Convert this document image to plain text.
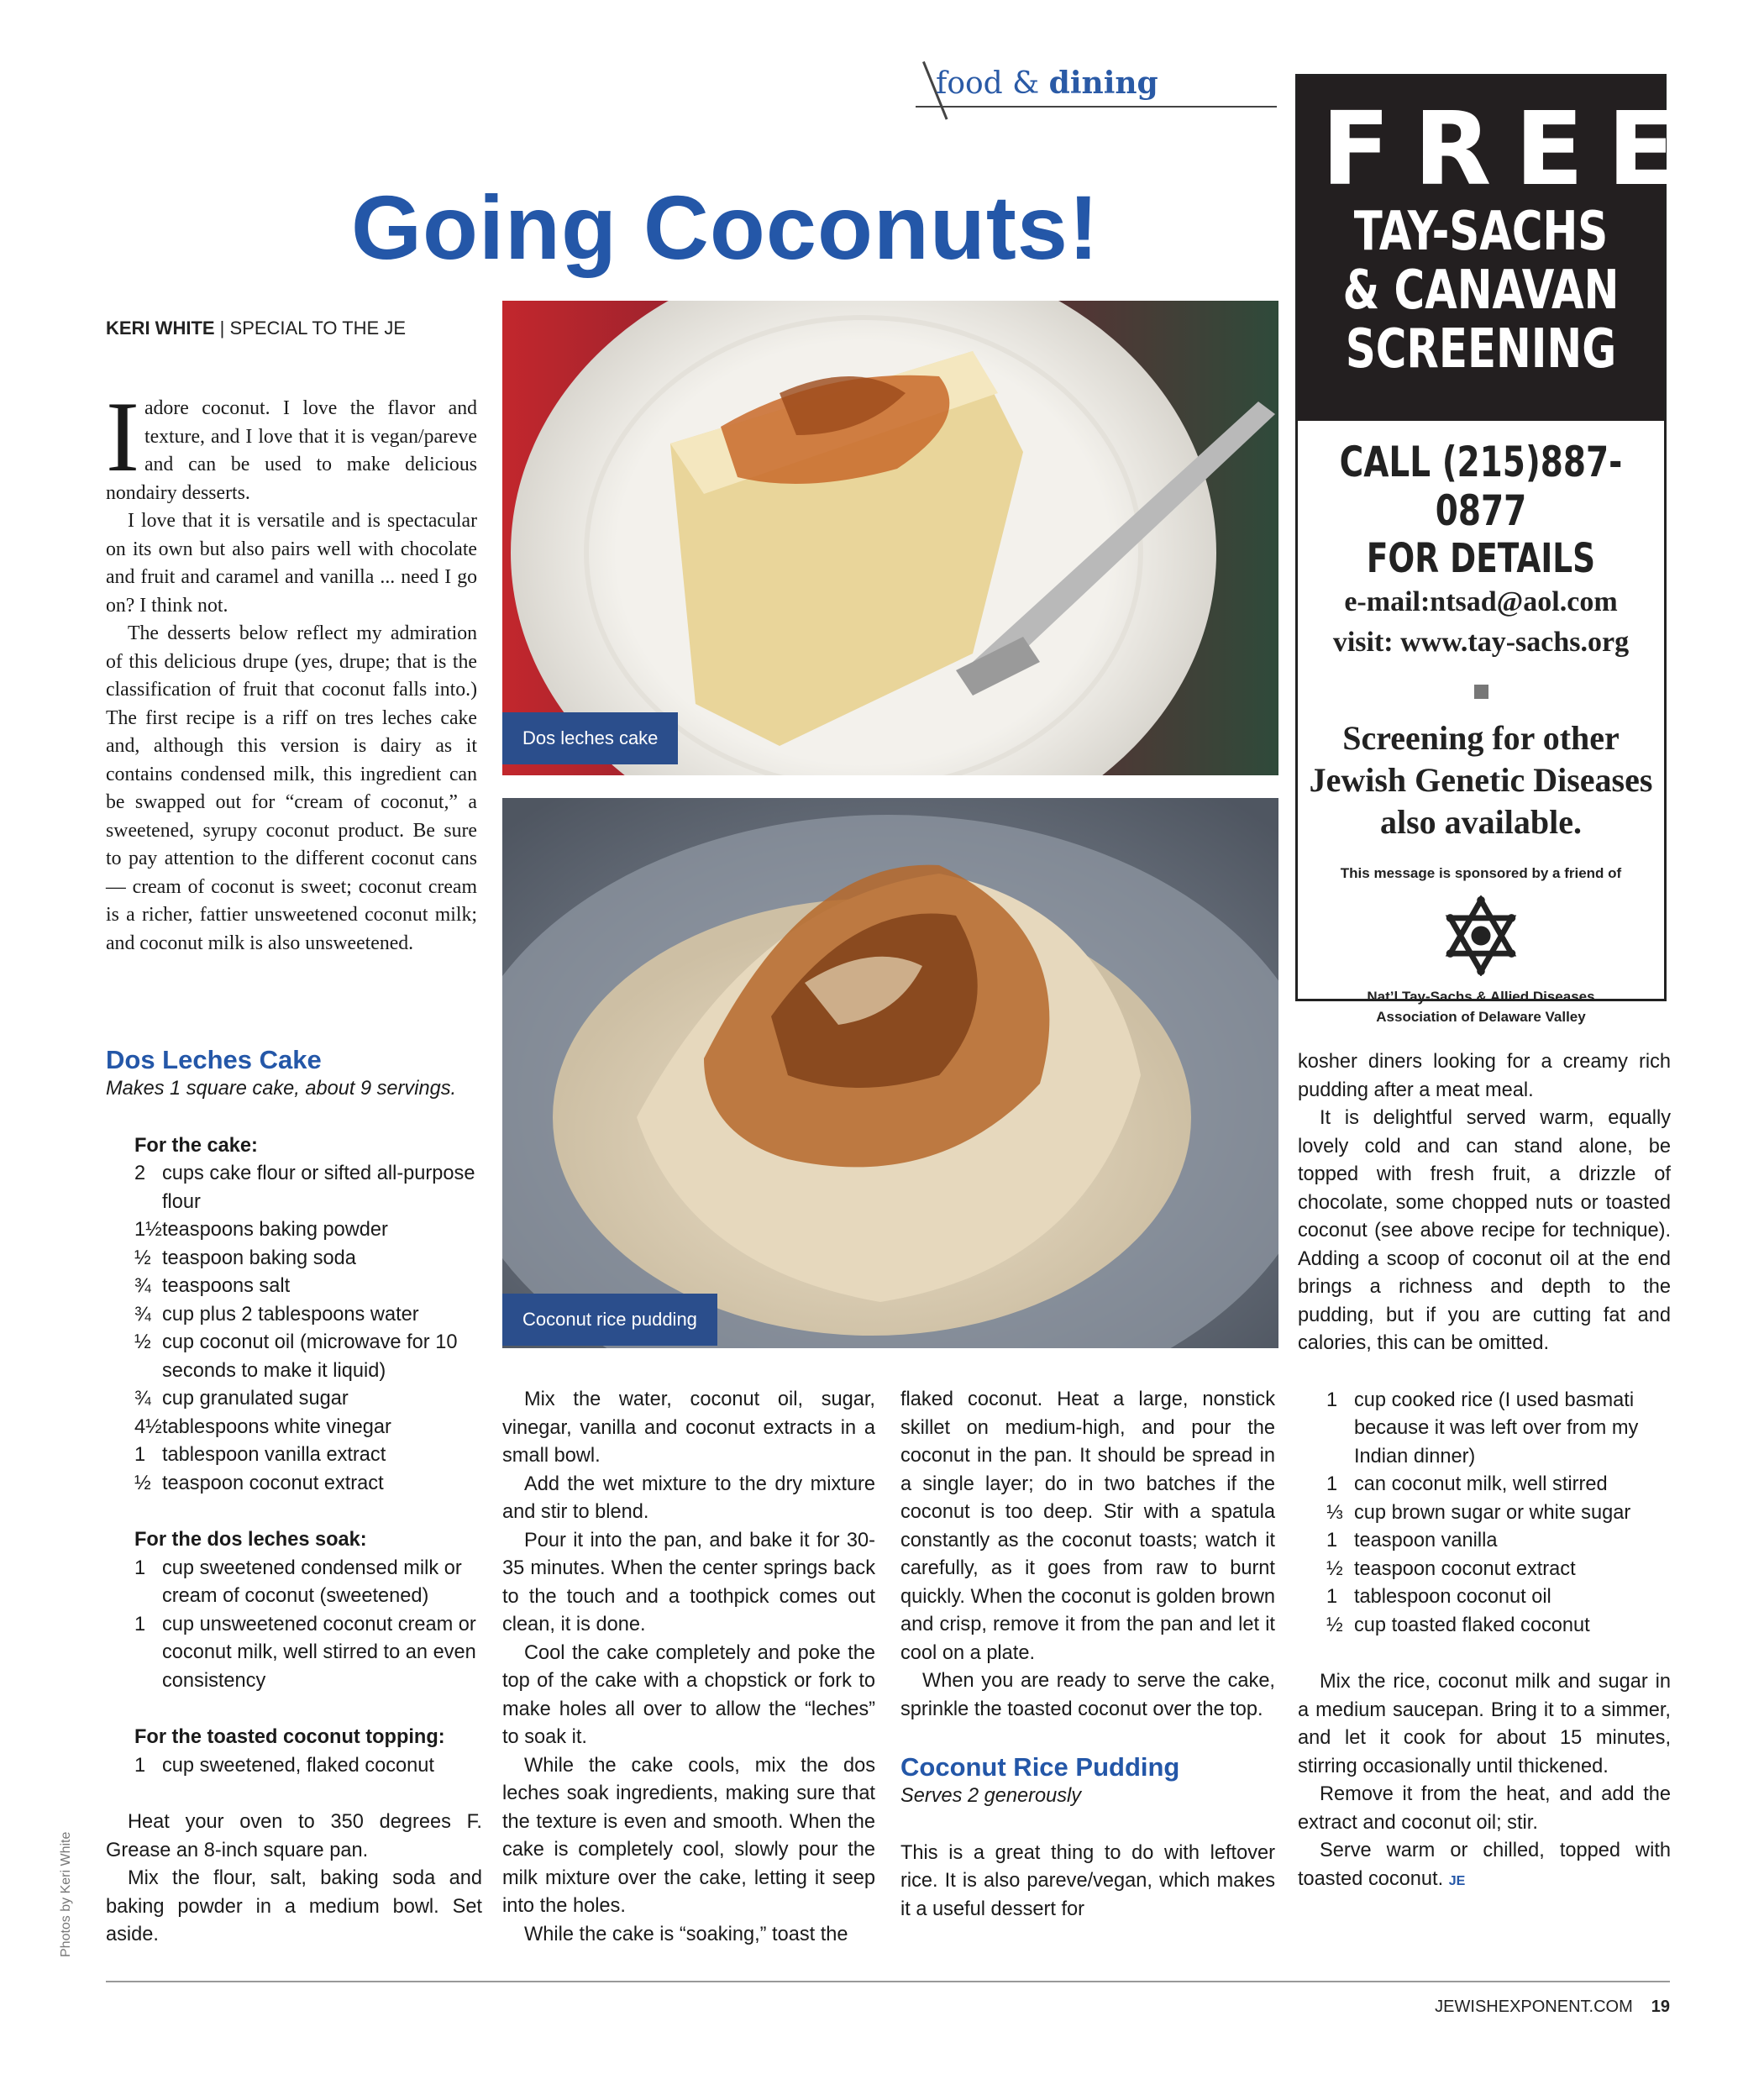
food & dining
Going Coconuts!
KERI WHITE | SPECIAL TO THE JE

Iadore coconut. I love the flavor and texture, and I love that it is vegan/pareve and can be used to make delicious nondairy desserts.

I love that it is versatile and is spectacular on its own but also pairs well with chocolate and fruit and caramel and vanilla ... need I go on? I think not.

The desserts below reflect my admiration of this delicious drupe (yes, drupe; that is the classification of fruit that coconut falls into.) The first recipe is a riff on tres leches cake and, although this version is dairy as it contains condensed milk, this ingredient can be swapped out for “cream of coconut,” a sweetened, syrupy coconut product. Be sure to pay attention to the different coconut cans — cream of coconut is sweet; coconut cream is a richer, fattier unsweetened coconut milk; and coconut milk is also unsweetened.

Dos leches cake
Coconut rice pudding
FREE
TAY-SACHS
& CANAVAN
SCREENING
CALL (215)887-0877
FOR DETAILS
e-mail:ntsad@aol.com
visit: www.tay-sachs.org
Screening for other
Jewish Genetic Diseases
also available.
This message is sponsored by a friend of
Nat’l Tay-Sachs & Allied Diseases
Association of Delaware Valley

Dos Leches Cake

Makes 1 square cake, about 9 servings.

For the cake:
2 cups cake flour or sifted all-purpose flour
1½ teaspoons baking powder
½ teaspoon baking soda
¾ teaspoons salt
¾ cup plus 2 tablespoons water
½ cup coconut oil (microwave for 10 seconds to make it liquid)
¾ cup granulated sugar
4½ tablespoons white vinegar
1 tablespoon vanilla extract
½ teaspoon coconut extract
For the dos leches soak:
1 cup sweetened condensed milk or cream of coconut (sweetened)
1 cup unsweetened coconut cream or coconut milk, well stirred to an even consistency
For the toasted coconut topping:
1 cup sweetened, flaked coconut

Heat your oven to 350 degrees F. Grease an 8-inch square pan.

Mix the flour, salt, baking soda and baking powder in a medium bowl. Set aside.

Mix the water, coconut oil, sugar, vinegar, vanilla and coconut extracts in a small bowl.

Add the wet mixture to the dry mixture and stir to blend.

Pour it into the pan, and bake it for 30-35 minutes. When the center springs back to the touch and a toothpick comes out clean, it is done.

Cool the cake completely and poke the top of the cake with a chopstick or fork to make holes all over to allow the “leches” to soak it.

While the cake cools, mix the dos leches soak ingredients, making sure that the texture is even and smooth. When the cake is completely cool, slowly pour the milk mixture over the cake, letting it seep into the holes.

While the cake is “soaking,” toast the

flaked coconut. Heat a large, nonstick skillet on medium-high, and pour the coconut in the pan. It should be spread in a single layer; do in two batches if the coconut is too deep. Stir with a spatula constantly as the coconut toasts; watch it carefully, as it goes from raw to burnt quickly. When the coconut is golden brown and crisp, remove it from the pan and let it cool on a plate.

When you are ready to serve the cake, sprinkle the toasted coconut over the top.

Coconut Rice Pudding

Serves 2 generously

This is a great thing to do with leftover rice. It is also pareve/vegan, which makes it a useful dessert for

kosher diners looking for a creamy rich pudding after a meat meal.

It is delightful served warm, equally lovely cold and can stand alone, be topped with fresh fruit, a drizzle of chocolate, some chopped nuts or toasted coconut (see above recipe for technique). Adding a scoop of coconut oil at the end brings a richness and depth to the pudding, but if you are cutting fat and calories, this can be omitted.

1 cup cooked rice (I used basmati because it was left over from my Indian dinner)
1 can coconut milk, well stirred
⅓ cup brown sugar or white sugar
1 teaspoon vanilla
½ teaspoon coconut extract
1 tablespoon coconut oil
½ cup toasted flaked coconut

Mix the rice, coconut milk and sugar in a medium saucepan. Bring it to a simmer, and let it cook for about 15 minutes, stirring occasionally until thickened.

Remove it from the heat, and add the extract and coconut oil; stir.

Serve warm or chilled, topped with toasted coconut. JE

Photos by Keri White
JEWISHEXPONENT.COM 19
